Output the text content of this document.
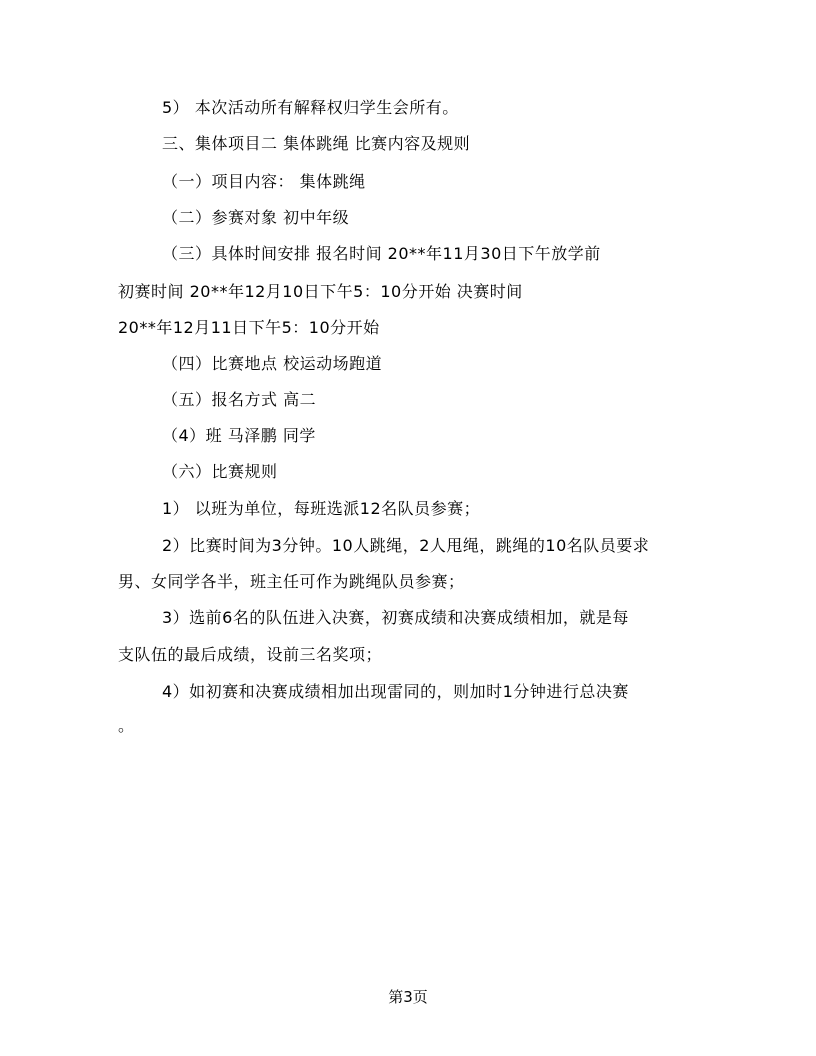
5） 本次活动所有解释权归学生会所有。
三、集体项目二 集体跳绳 比赛内容及规则
（一）项目内容： 集体跳绳
（二）参赛对象 初中年级
（三）具体时间安排 报名时间 20**年11月30日下午放学前
初赛时间 20**年12月10日下午5：10分开始 决赛时间
20**年12月11日下午5：10分开始
（四）比赛地点 校运动场跑道
（五）报名方式 高二
（4）班 马泽鹏 同学
（六）比赛规则
1） 以班为单位，每班选派12名队员参赛；
2）比赛时间为3分钟。10人跳绳，2人甩绳，跳绳的10名队员要求
男、女同学各半，班主任可作为跳绳队员参赛；
3）选前6名的队伍进入决赛，初赛成绩和决赛成绩相加，就是每
支队伍的最后成绩，设前三名奖项；
4）如初赛和决赛成绩相加出现雷同的，则加时1分钟进行总决赛
。
第3页
